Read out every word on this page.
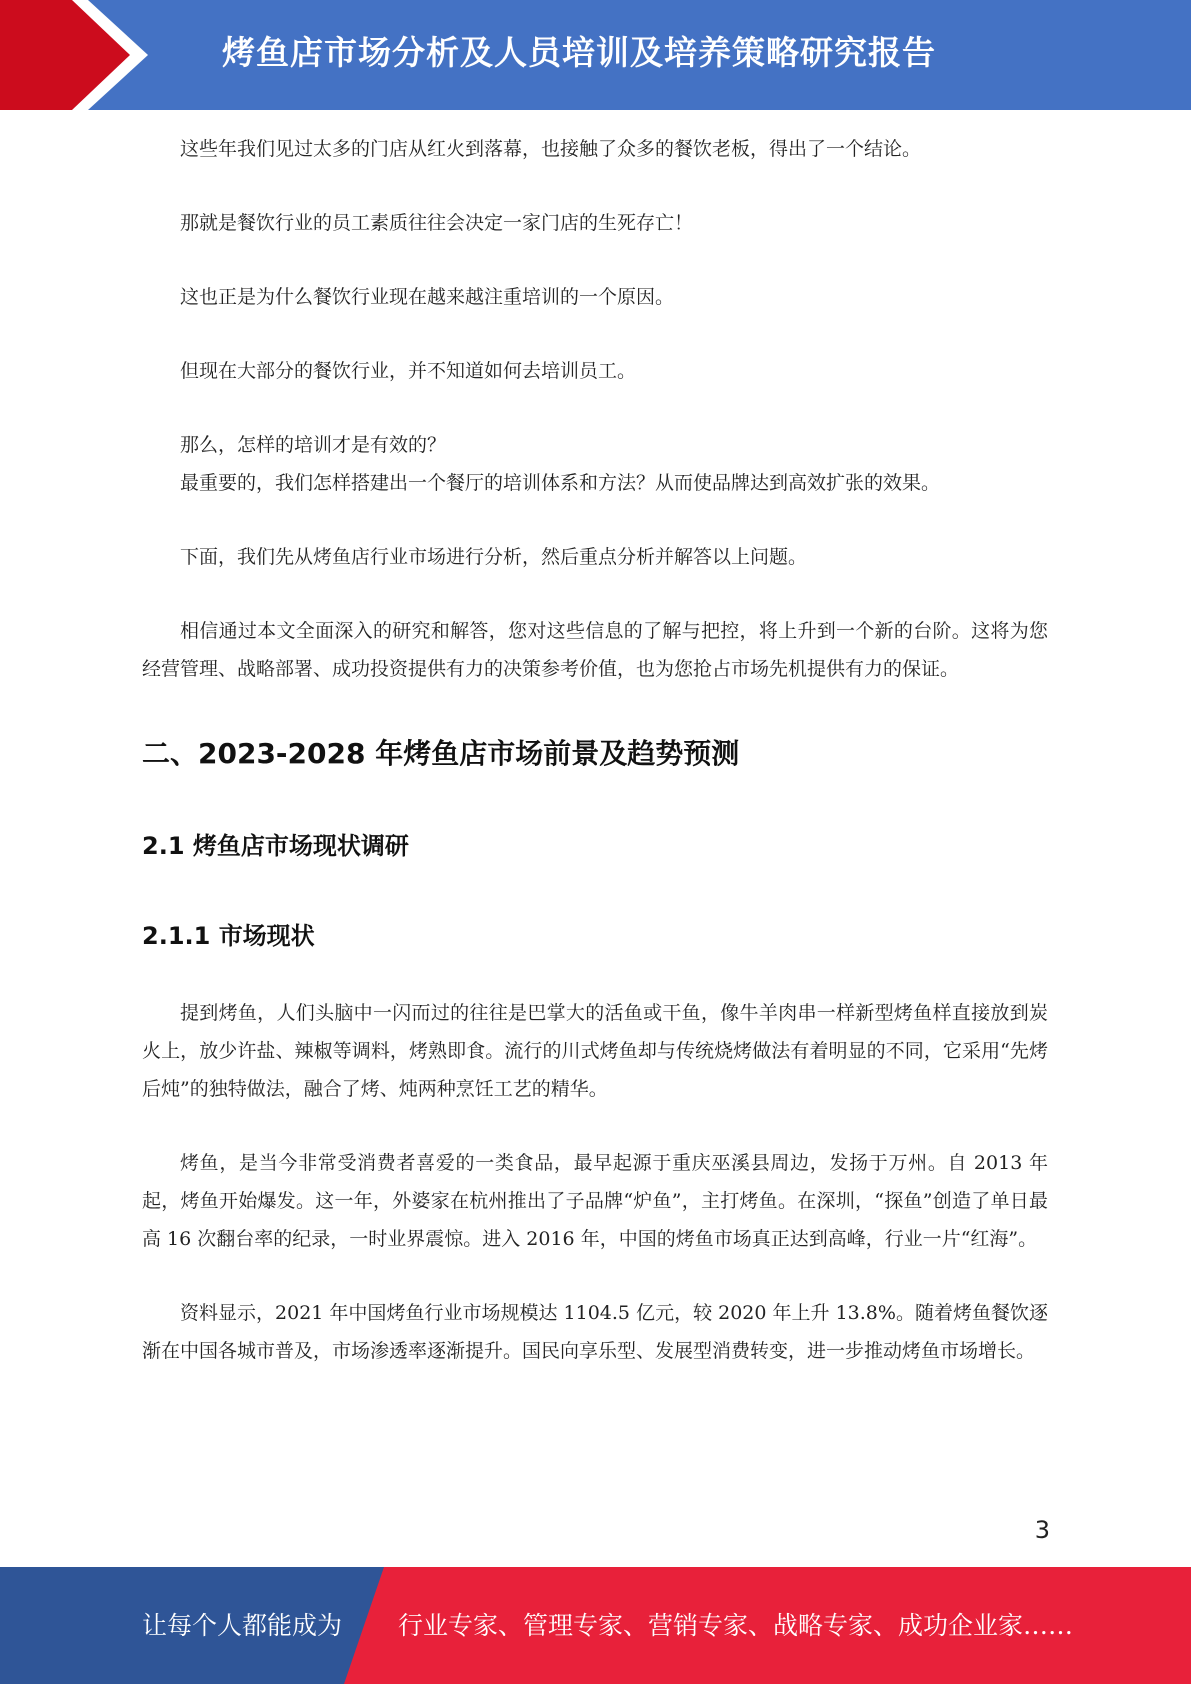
烤鱼店市场分析及人员培训及培养策略研究报告

这些年我们见过太多的门店从红火到落幕，也接触了众多的餐饮老板，得出了一个结论。

那就是餐饮行业的员工素质往往会决定一家门店的生死存亡！

这也正是为什么餐饮行业现在越来越注重培训的一个原因。

但现在大部分的餐饮行业，并不知道如何去培训员工。

那么，怎样的培训才是有效的？

最重要的，我们怎样搭建出一个餐厅的培训体系和方法？从而使品牌达到高效扩张的效果。

下面，我们先从烤鱼店行业市场进行分析，然后重点分析并解答以上问题。

相信通过本文全面深入的研究和解答，您对这些信息的了解与把控，将上升到一个新的台阶。这将为您经营管理、战略部署、成功投资提供有力的决策参考价值，也为您抢占市场先机提供有力的保证。

二、2023-2028 年烤鱼店市场前景及趋势预测
2.1 烤鱼店市场现状调研
2.1.1 市场现状

提到烤鱼，人们头脑中一闪而过的往往是巴掌大的活鱼或干鱼，像牛羊肉串一样新型烤鱼样直接放到炭火上，放少许盐、辣椒等调料，烤熟即食。流行的川式烤鱼却与传统烧烤做法有着明显的不同，它采用“先烤后炖”的独特做法，融合了烤、炖两种烹饪工艺的精华。

烤鱼，是当今非常受消费者喜爱的一类食品，最早起源于重庆巫溪县周边，发扬于万州。自 2013 年起，烤鱼开始爆发。这一年，外婆家在杭州推出了子品牌“炉鱼”，主打烤鱼。在深圳，“探鱼”创造了单日最高 16 次翻台率的纪录，一时业界震惊。进入 2016 年，中国的烤鱼市场真正达到高峰，行业一片“红海”。

资料显示，2021 年中国烤鱼行业市场规模达 1104.5 亿元，较 2020 年上升 13.8%。随着烤鱼餐饮逐渐在中国各城市普及，市场渗透率逐渐提升。国民向享乐型、发展型消费转变，进一步推动烤鱼市场增长。

3
让每个人都能成为 行业专家、管理专家、营销专家、战略专家、成功企业家……
